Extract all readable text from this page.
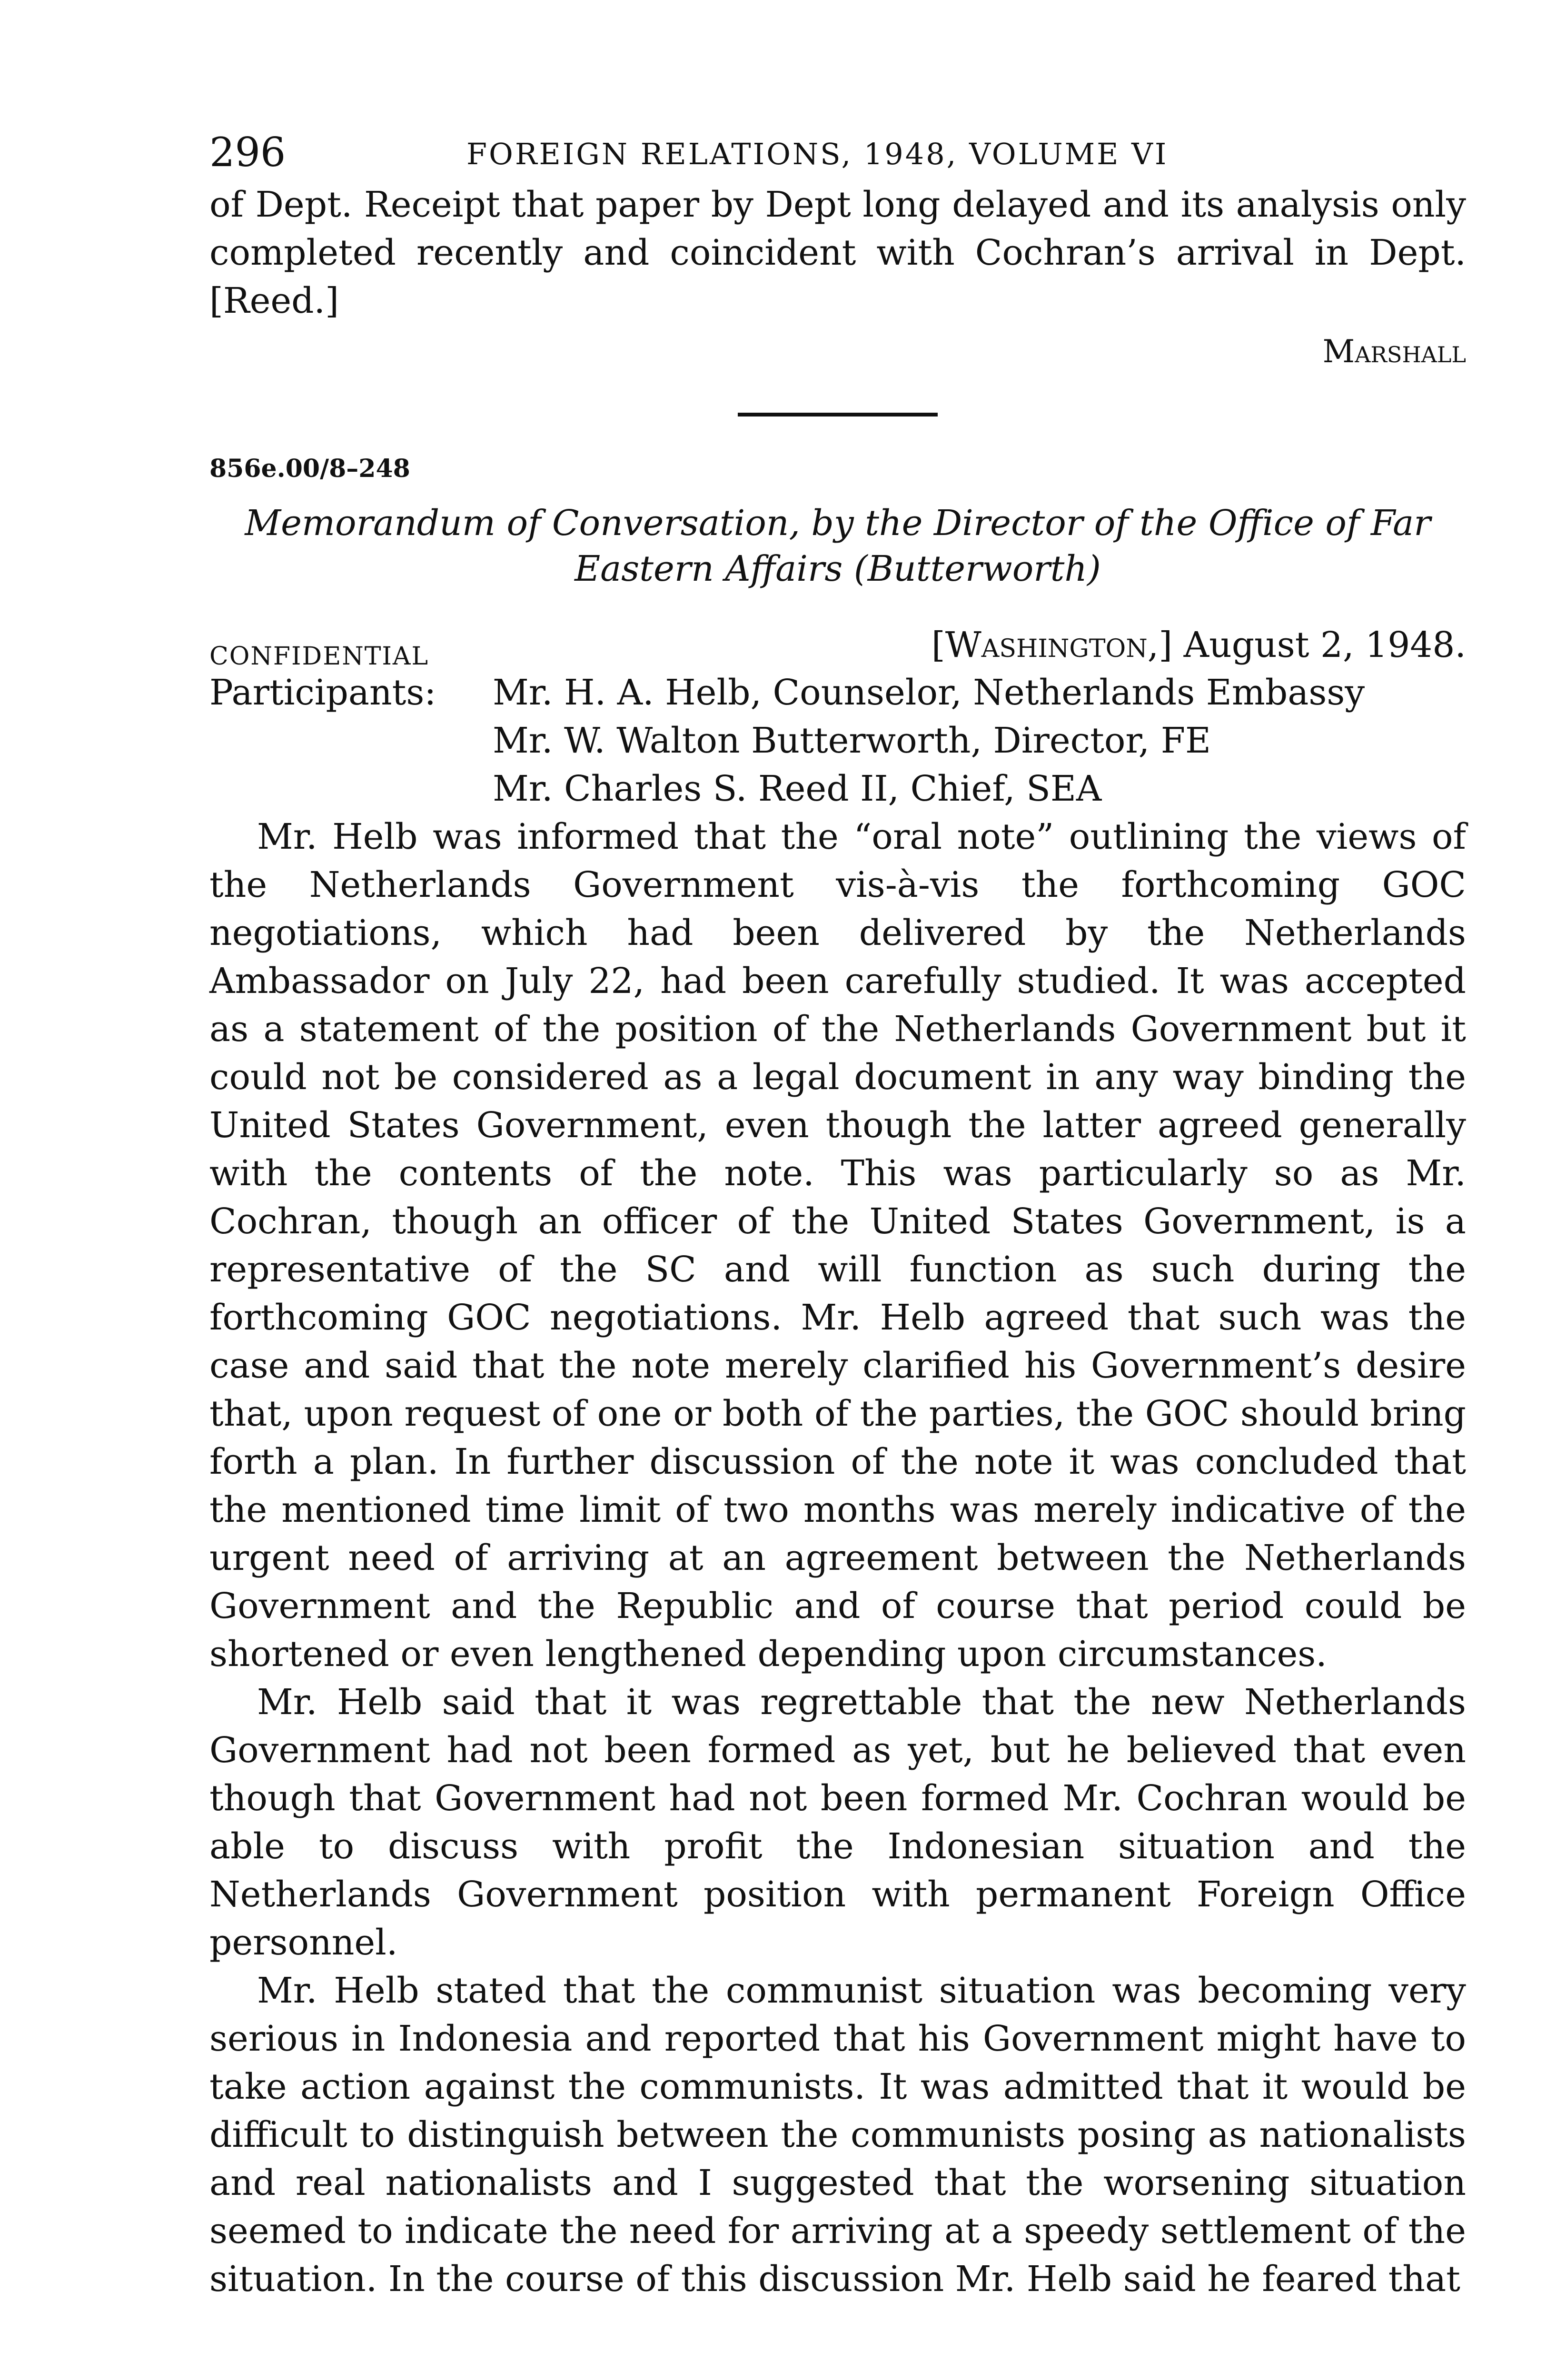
296	FOREIGN RELATIONS, 1948, VOLUME VI

of Dept. Receipt that paper by Dept long delayed and its analysis only completed recently and coincident with Cochran’s arrival in Dept. [Reed.]

Marshall
856e.00/8–248
Memorandum of Conversation, by the Director of the Office of Far Eastern Affairs (Butterworth)
CONFIDENTIAL	[Washington,] August 2, 1948.
Participants: Mr. H. A. Helb, Counselor, Netherlands Embassy
Mr. W. Walton Butterworth, Director, FE
Mr. Charles S. Reed II, Chief, SEA

Mr. Helb was informed that the “oral note” outlining the views of the Netherlands Government vis-à-vis the forthcoming GOC negotiations, which had been delivered by the Netherlands Ambassador on July 22, had been carefully studied. It was accepted as a statement of the position of the Netherlands Government but it could not be considered as a legal document in any way binding the United States Government, even though the latter agreed generally with the contents of the note. This was particularly so as Mr. Cochran, though an officer of the United States Government, is a representative of the SC and will function as such during the forthcoming GOC negotiations. Mr. Helb agreed that such was the case and said that the note merely clarified his Government’s desire that, upon request of one or both of the parties, the GOC should bring forth a plan. In further discussion of the note it was concluded that the mentioned time limit of two months was merely indicative of the urgent need of arriving at an agreement between the Netherlands Government and the Republic and of course that period could be shortened or even lengthened depending upon circumstances.

Mr. Helb said that it was regrettable that the new Netherlands Government had not been formed as yet, but he believed that even though that Government had not been formed Mr. Cochran would be able to discuss with profit the Indonesian situation and the Netherlands Government position with permanent Foreign Office personnel.

Mr. Helb stated that the communist situation was becoming very serious in Indonesia and reported that his Government might have to take action against the communists. It was admitted that it would be difficult to distinguish between the communists posing as nationalists and real nationalists and I suggested that the worsening situation seemed to indicate the need for arriving at a speedy settlement of the situation. In the course of this discussion Mr. Helb said he feared that
